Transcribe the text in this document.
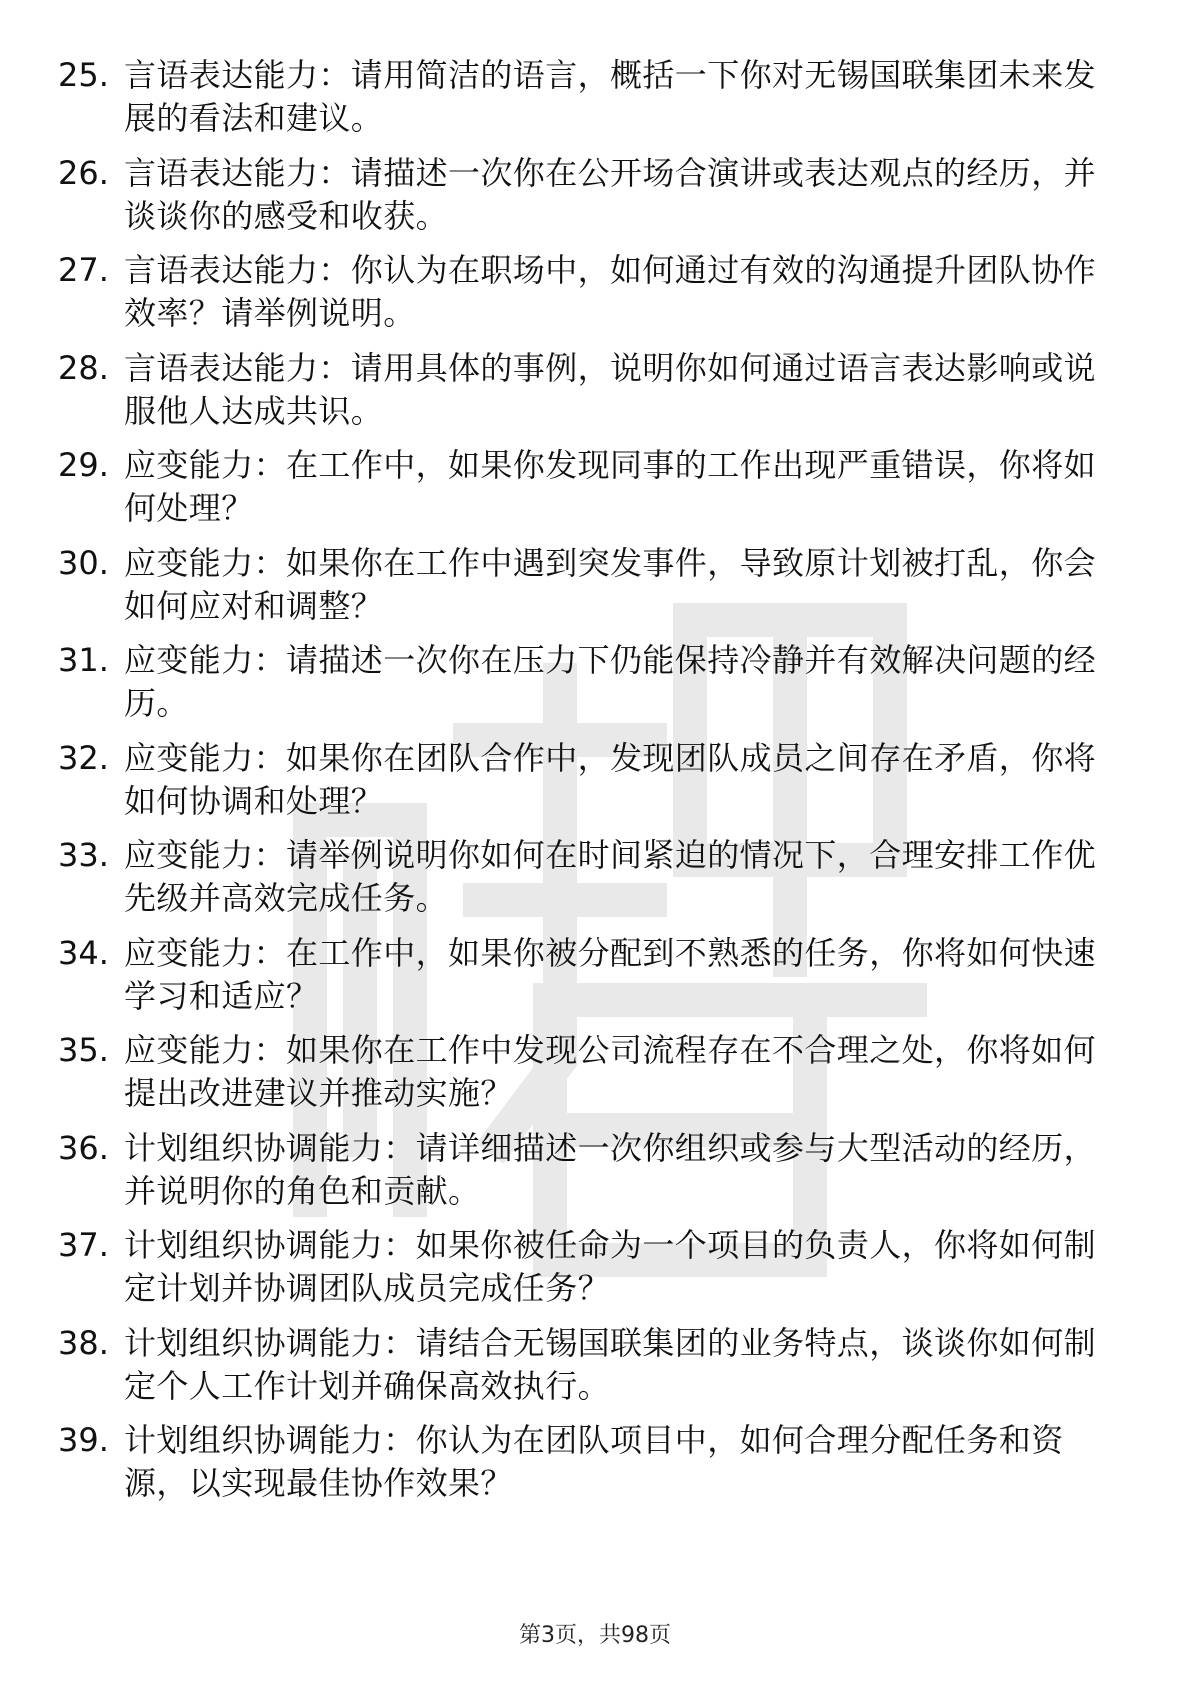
25. 言语表达能力：请用简洁的语言，概括一下你对无锡国联集团未来发展的看法和建议。
26. 言语表达能力：请描述一次你在公开场合演讲或表达观点的经历，并谈谈你的感受和收获。
27. 言语表达能力：你认为在职场中，如何通过有效的沟通提升团队协作效率？请举例说明。
28. 言语表达能力：请用具体的事例，说明你如何通过语言表达影响或说服他人达成共识。
29. 应变能力：在工作中，如果你发现同事的工作出现严重错误，你将如何处理？
30. 应变能力：如果你在工作中遇到突发事件，导致原计划被打乱，你会如何应对和调整？
31. 应变能力：请描述一次你在压力下仍能保持冷静并有效解决问题的经历。
32. 应变能力：如果你在团队合作中，发现团队成员之间存在矛盾，你将如何协调和处理？
33. 应变能力：请举例说明你如何在时间紧迫的情况下，合理安排工作优先级并高效完成任务。
34. 应变能力：在工作中，如果你被分配到不熟悉的任务，你将如何快速学习和适应？
35. 应变能力：如果你在工作中发现公司流程存在不合理之处，你将如何提出改进建议并推动实施？
36. 计划组织协调能力：请详细描述一次你组织或参与大型活动的经历，并说明你的角色和贡献。
37. 计划组织协调能力：如果你被任命为一个项目的负责人，你将如何制定计划并协调团队成员完成任务？
38. 计划组织协调能力：请结合无锡国联集团的业务特点，谈谈你如何制定个人工作计划并确保高效执行。
39. 计划组织协调能力：你认为在团队项目中，如何合理分配任务和资源，以实现最佳协作效果？
第3页，共98页
